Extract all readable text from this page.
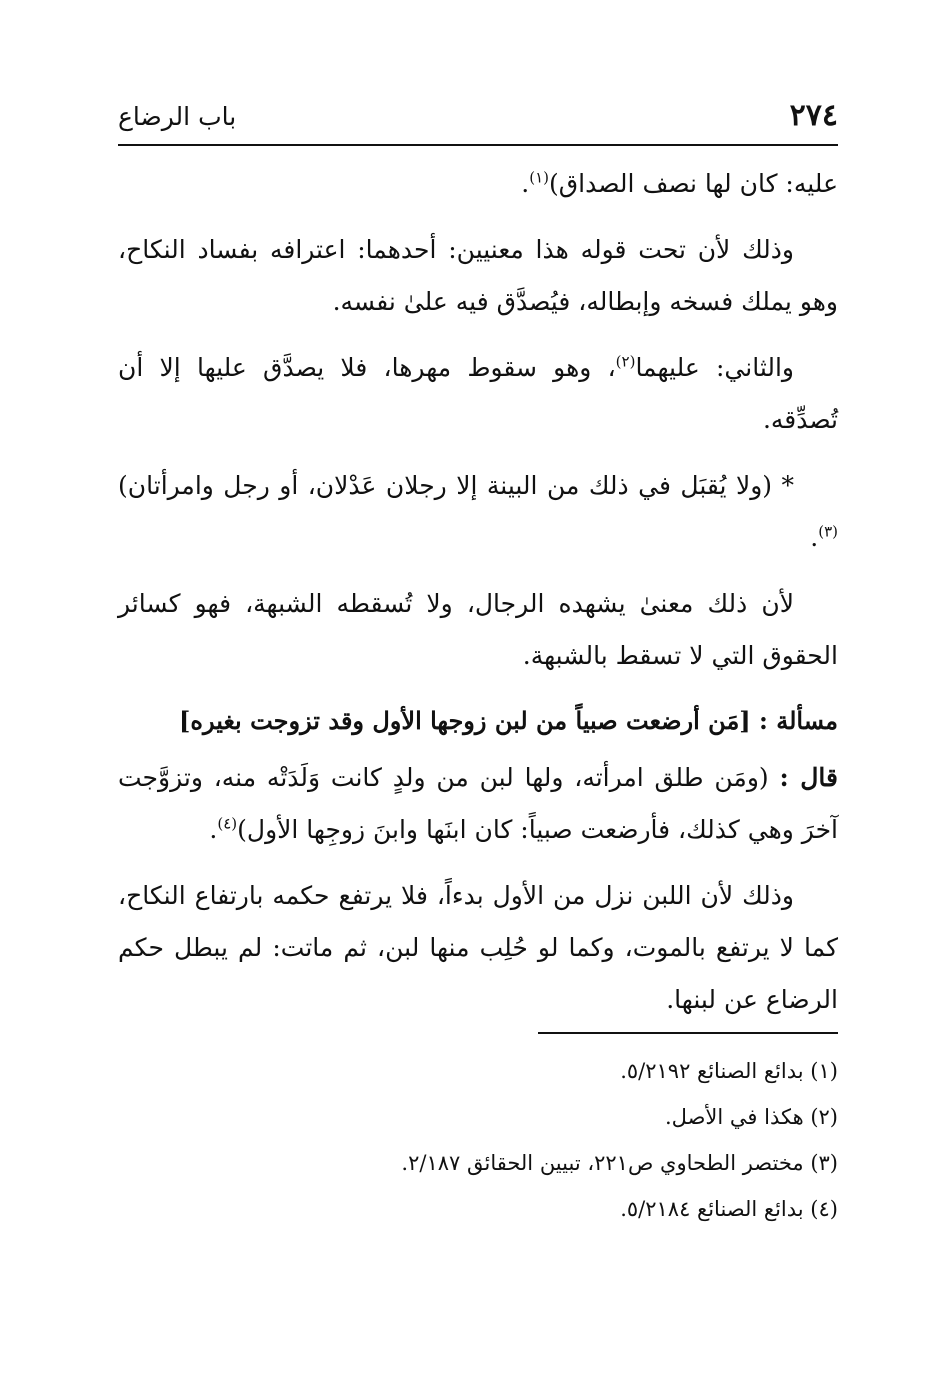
٢٧٤
باب الرضاع

عليه: كان لها نصف الصداق)$^{(١)}$.

وذلك لأن تحت قوله هذا معنيين: أحدهما: اعترافه بفساد النكاح، وهو يملك فسخه وإبطاله، فيُصدَّق فيه علىٰ نفسه.

والثاني: عليهما$^{(٢)}$، وهو سقوط مهرها، فلا يصدَّق عليها إلا أن تُصدِّقه.

* (ولا يُقبَل في ذلك من البينة إلا رجلان عَدْلان، أو رجل وامرأتان)$^{(٣)}$.

لأن ذلك معنىٰ يشهده الرجال، ولا تُسقطه الشبهة، فهو كسائر الحقوق التي لا تسقط بالشبهة.

مسألة : [مَن أرضعت صبياً من لبن زوجها الأول وقد تزوجت بغيره]

قال : (ومَن طلق امرأته، ولها لبن من ولدٍ كانت وَلَدَتْه منه، وتزوَّجت آخرَ وهي كذلك، فأرضعت صبياً: كان ابنَها وابنَ زوجِها الأول)$^{(٤)}$.

وذلك لأن اللبن نزل من الأول بدءاً، فلا يرتفع حكمه بارتفاع النكاح، كما لا يرتفع بالموت، وكما لو حُلِب منها لبن، ثم ماتت: لم يبطل حكم الرضاع عن لبنها.

(١) بدائع الصنائع ٥/٢١٩٢.

(٢) هكذا في الأصل.

(٣) مختصر الطحاوي ص٢٢١، تبيين الحقائق ٢/١٨٧.

(٤) بدائع الصنائع ٥/٢١٨٤.
